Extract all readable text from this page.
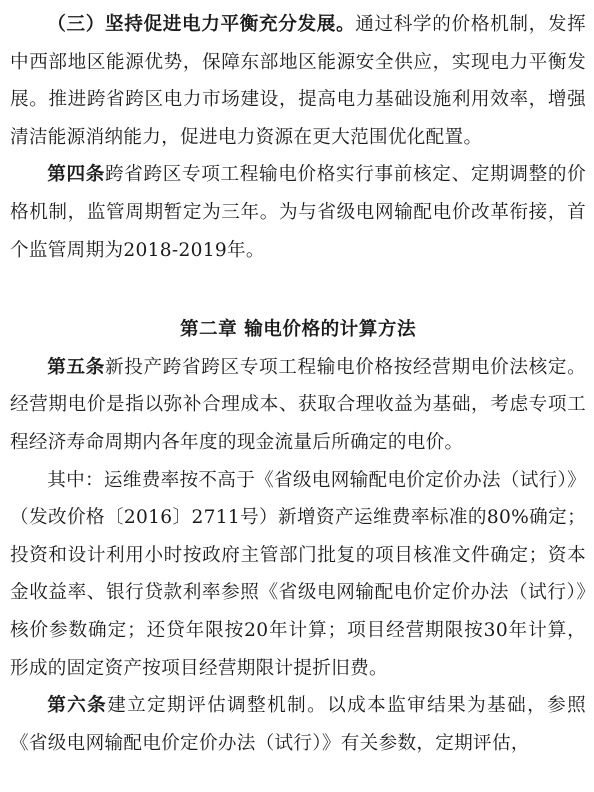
（三）坚持促进电力平衡充分发展。通过科学的价格机制，发挥中西部地区能源优势，保障东部地区能源安全供应，实现电力平衡发展。推进跨省跨区电力市场建设，提高电力基础设施利用效率，增强清洁能源消纳能力，促进电力资源在更大范围优化配置。

第四条跨省跨区专项工程输电价格实行事前核定、定期调整的价格机制，监管周期暂定为三年。为与省级电网输配电价改革衔接，首个监管周期为2018-2019年。

第二章 输电价格的计算方法

第五条新投产跨省跨区专项工程输电价格按经营期电价法核定。经营期电价是指以弥补合理成本、获取合理收益为基础，考虑专项工程经济寿命周期内各年度的现金流量后所确定的电价。

其中：运维费率按不高于《省级电网输配电价定价办法（试行）》（发改价格〔2016〕2711号）新增资产运维费率标准的80%确定；投资和设计利用小时按政府主管部门批复的项目核准文件确定；资本金收益率、银行贷款利率参照《省级电网输配电价定价办法（试行）》核价参数确定；还贷年限按20年计算；项目经营期限按30年计算，形成的固定资产按项目经营期限计提折旧费。

第六条建立定期评估调整机制。以成本监审结果为基础，参照《省级电网输配电价定价办法（试行）》有关参数，定期评估，
